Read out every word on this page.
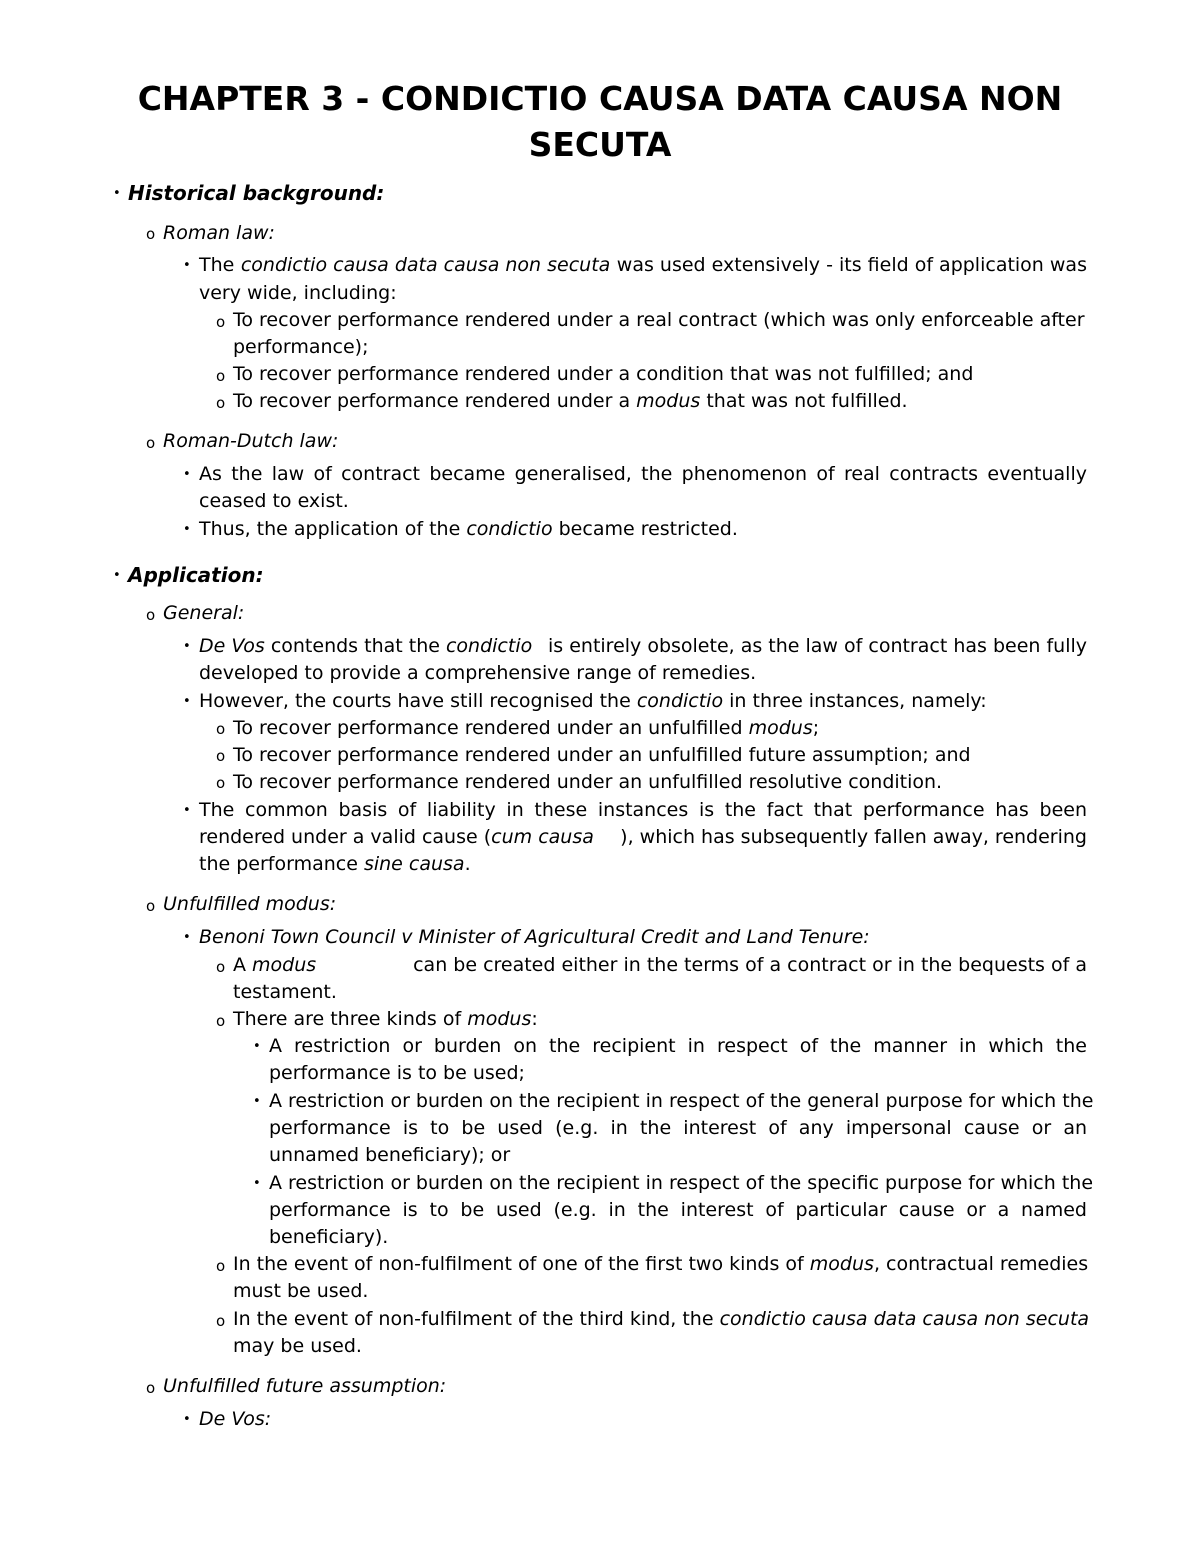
CHAPTER 3 - CONDICTIO CAUSA DATA CAUSA NON
SECUTA
• Historical background:
o Roman law:
• The condictio causa data causa non secuta was used extensively - its field of application was
very wide, including:
o To recover performance rendered under a real contract (which was only enforceable after
performance);
o To recover performance rendered under a condition that was not fulfilled; and
o To recover performance rendered under a modus that was not fulfilled.
o Roman-Dutch law:
• As the law of contract became generalised, the phenomenon of real contracts eventually
ceased to exist.
• Thus, the application of the condictio became restricted.
• Application:
o General:
• De Vos contends that the condictio is entirely obsolete, as the law of contract has been fully
developed to provide a comprehensive range of remedies.
• However, the courts have still recognised the condictio in three instances, namely:
o To recover performance rendered under an unfulfilled modus;
o To recover performance rendered under an unfulfilled future assumption; and
o To recover performance rendered under an unfulfilled resolutive condition.
• The common basis of liability in these instances is the fact that performance has been
rendered under a valid cause (cum causa ), which has subsequently fallen away, rendering
the performance sine causa.
o Unfulfilled modus:
• Benoni Town Council v Minister of Agricultural Credit and Land Tenure:
o A modus	can be created either in the terms of a contract or in the bequests of a
testament.
o There are three kinds of modus:
• A restriction or burden on the recipient in respect of the manner in which the
performance is to be used;
• A restriction or burden on the recipient in respect of the general purpose for which the
performance is to be used (e.g. in the interest of any impersonal cause or an
unnamed beneficiary); or
• A restriction or burden on the recipient in respect of the specific purpose for which the
performance is to be used (e.g. in the interest of particular cause or a named
beneficiary).
o In the event of non-fulfilment of one of the first two kinds of modus , contractual remedies
must be used.
o In the event of non-fulfilment of the third kind, the condictio causa data causa non secuta
may be used.
o Unfulfilled future assumption:
• De Vos:
